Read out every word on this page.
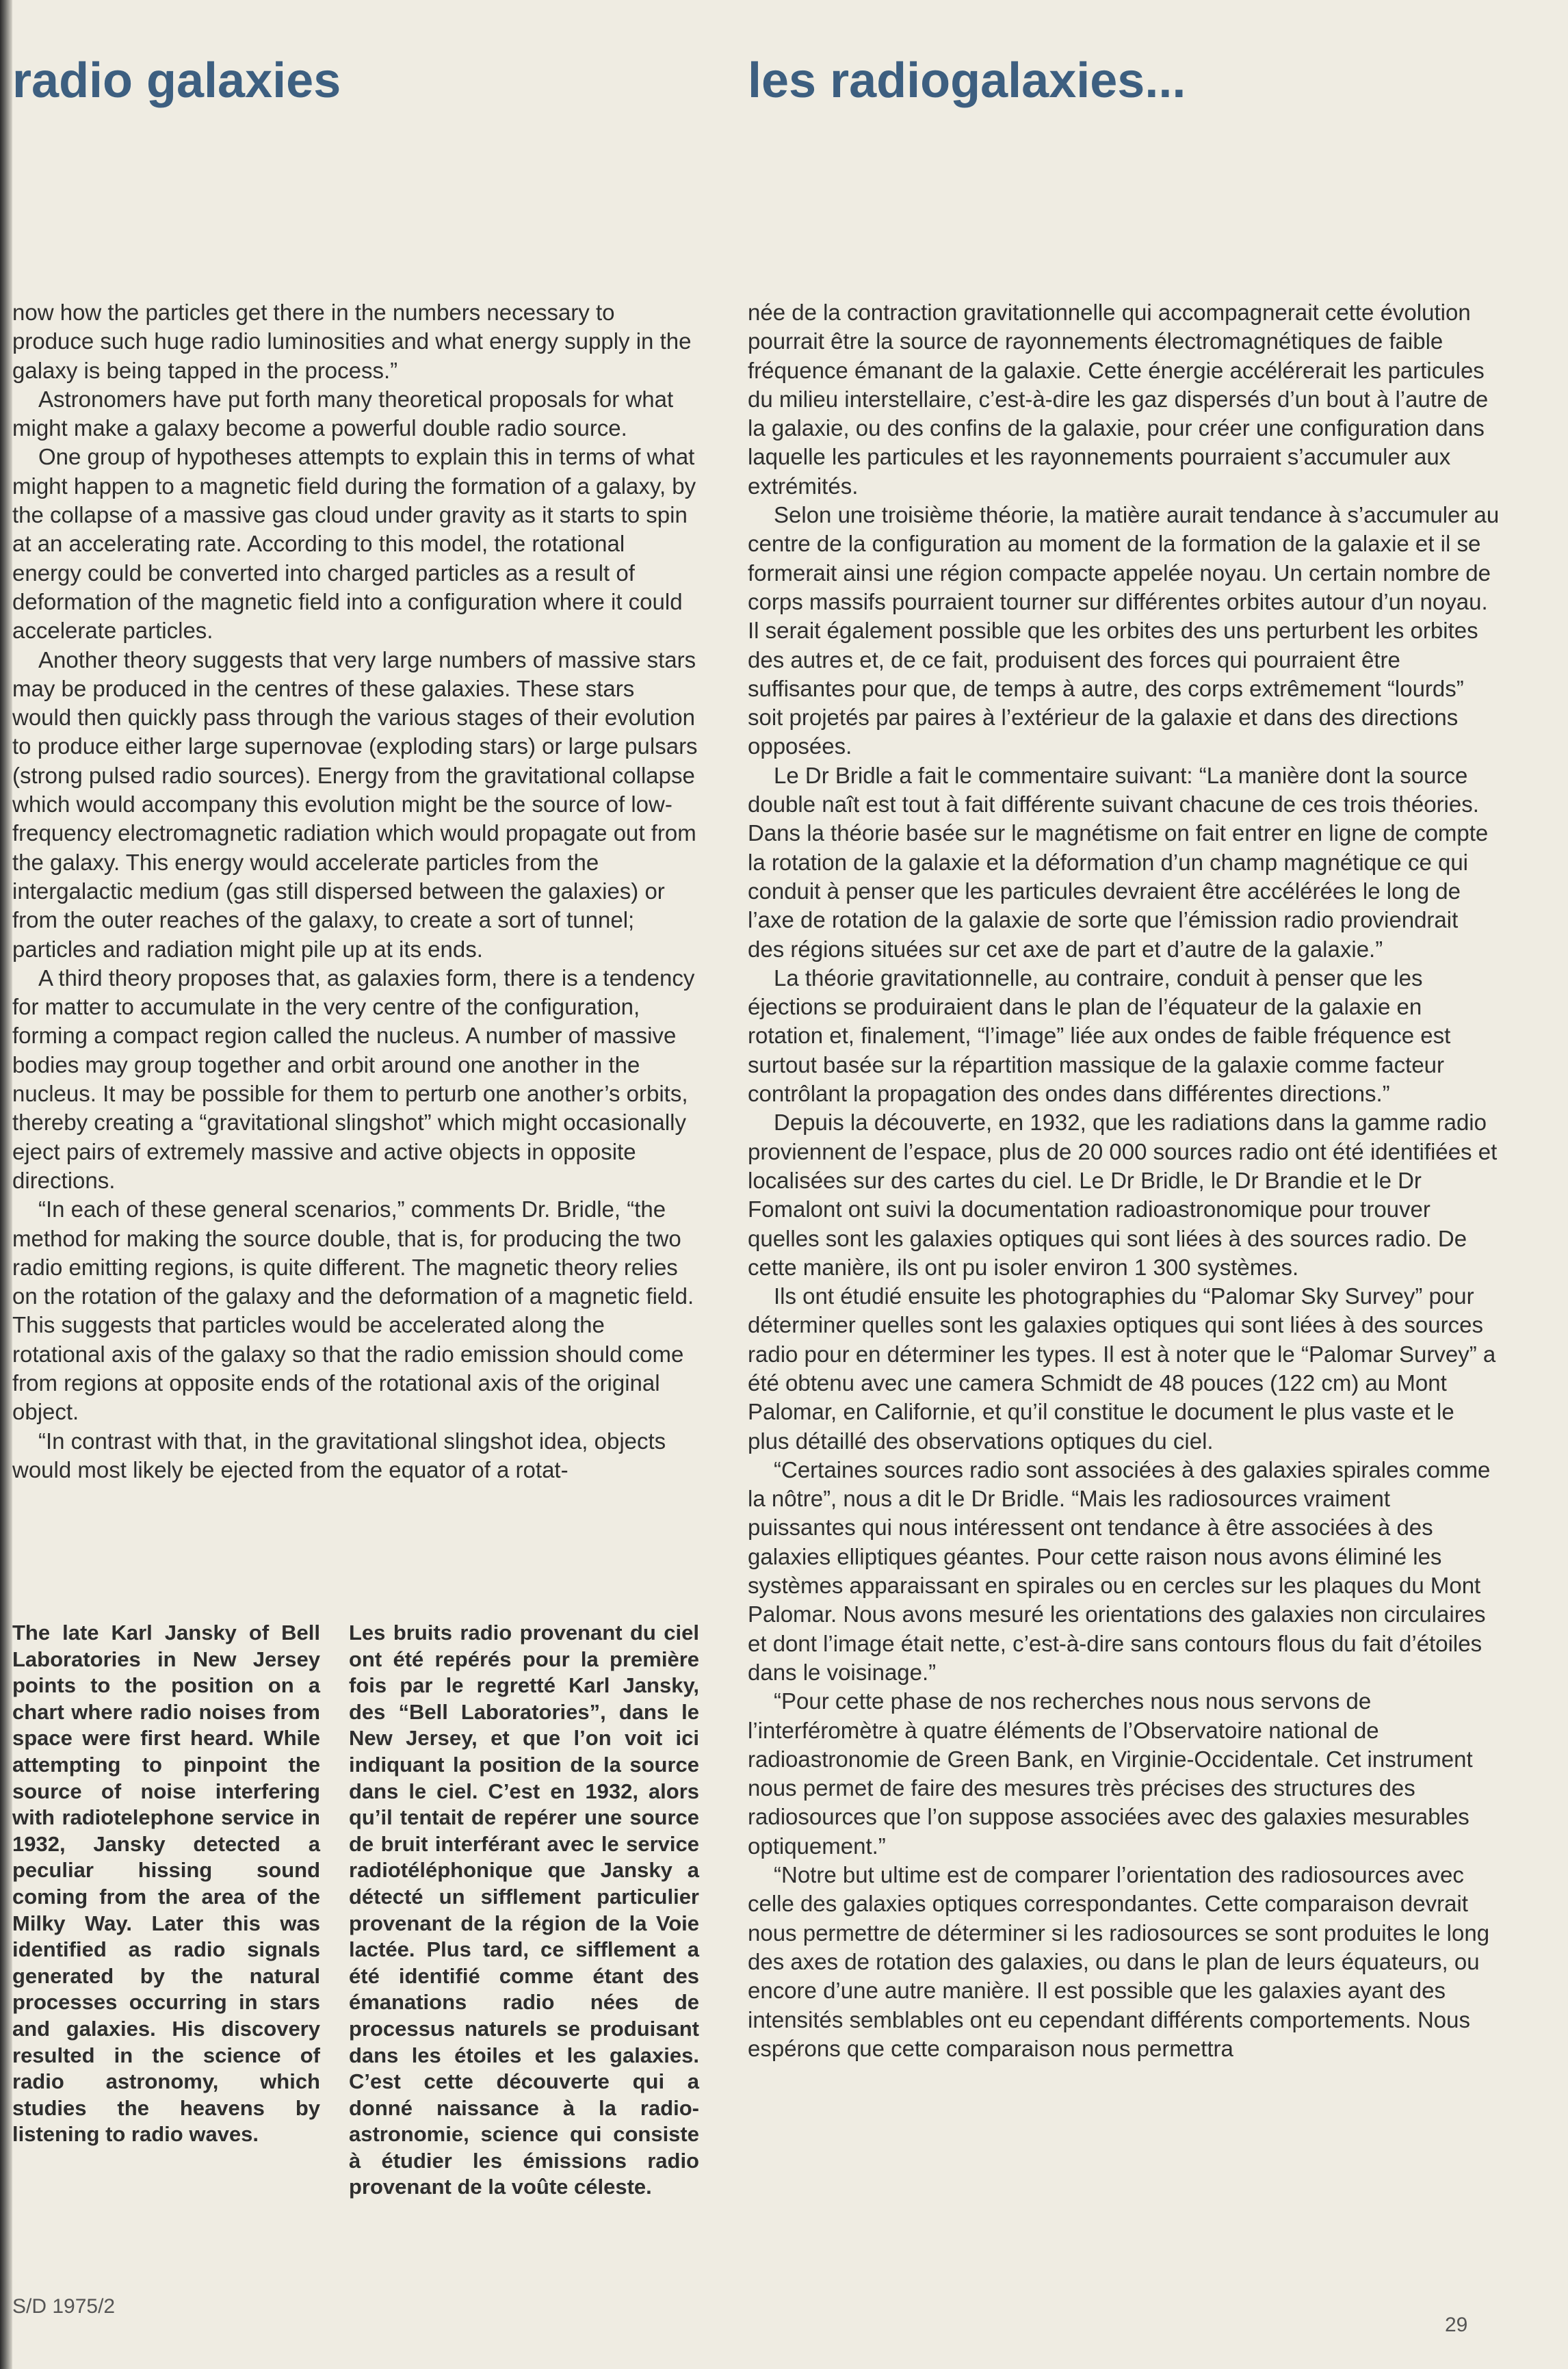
radio galaxies	les radiogalaxies...

now how the particles get there in the numbers necessary to produce such huge radio luminosities and what energy supply in the galaxy is being tapped in the process.”

Astronomers have put forth many theoretical proposals for what might make a galaxy become a powerful double radio source.

One group of hypotheses attempts to explain this in terms of what might happen to a magnetic field during the formation of a galaxy, by the collapse of a massive gas cloud under gravity as it starts to spin at an accelerating rate. According to this model, the rotational energy could be converted into charged particles as a result of deformation of the magnetic field into a configuration where it could accelerate particles.

Another theory suggests that very large numbers of massive stars may be produced in the centres of these galaxies. These stars would then quickly pass through the various stages of their evolution to produce either large supernovae (exploding stars) or large pulsars (strong pulsed radio sources). Energy from the gravitational collapse which would accompany this evolution might be the source of low-frequency electromagnetic radiation which would propagate out from the galaxy. This energy would accelerate particles from the intergalactic medium (gas still dispersed between the galaxies) or from the outer reaches of the galaxy, to create a sort of tunnel; particles and radiation might pile up at its ends.

A third theory proposes that, as galaxies form, there is a tendency for matter to accumulate in the very centre of the configuration, forming a compact region called the nucleus. A number of massive bodies may group together and orbit around one another in the nucleus. It may be possible for them to perturb one another’s orbits, thereby creating a “gravitational slingshot” which might occasionally eject pairs of extremely massive and active objects in opposite directions.

“In each of these general scenarios,” comments Dr. Bridle, “the method for making the source double, that is, for producing the two radio emitting regions, is quite different. The magnetic theory relies on the rotation of the galaxy and the deformation of a magnetic field. This suggests that particles would be accelerated along the rotational axis of the galaxy so that the radio emission should come from regions at opposite ends of the rotational axis of the original object.

“In contrast with that, in the gravitational slingshot idea, objects would most likely be ejected from the equator of a rotat-

née de la contraction gravitationnelle qui accompagnerait cette évolution pourrait être la source de rayonnements électromagnétiques de faible fréquence émanant de la galaxie. Cette énergie accélérerait les particules du milieu interstellaire, c’est-à-dire les gaz dispersés d’un bout à l’autre de la galaxie, ou des confins de la galaxie, pour créer une configuration dans laquelle les particules et les rayonnements pourraient s’accumuler aux extrémités.

Selon une troisième théorie, la matière aurait tendance à s’accumuler au centre de la configuration au moment de la formation de la galaxie et il se formerait ainsi une région compacte appelée noyau. Un certain nombre de corps massifs pourraient tourner sur différentes orbites autour d’un noyau. Il serait également possible que les orbites des uns perturbent les orbites des autres et, de ce fait, produisent des forces qui pourraient être suffisantes pour que, de temps à autre, des corps extrêmement “lourds” soit projetés par paires à l’extérieur de la galaxie et dans des directions opposées.

Le Dr Bridle a fait le commentaire suivant: “La manière dont la source double naît est tout à fait différente suivant chacune de ces trois théories. Dans la théorie basée sur le magnétisme on fait entrer en ligne de compte la rotation de la galaxie et la déformation d’un champ magnétique ce qui conduit à penser que les particules devraient être accélérées le long de l’axe de rotation de la galaxie de sorte que l’émission radio proviendrait des régions situées sur cet axe de part et d’autre de la galaxie.”

La théorie gravitationnelle, au contraire, conduit à penser que les éjections se produiraient dans le plan de l’équateur de la galaxie en rotation et, finalement, “l’image” liée aux ondes de faible fréquence est surtout basée sur la répartition massique de la galaxie comme facteur contrôlant la propagation des ondes dans différentes directions.”

Depuis la découverte, en 1932, que les radiations dans la gamme radio proviennent de l’espace, plus de 20 000 sources radio ont été identifiées et localisées sur des cartes du ciel. Le Dr Bridle, le Dr Brandie et le Dr Fomalont ont suivi la documentation radioastronomique pour trouver quelles sont les galaxies optiques qui sont liées à des sources radio. De cette manière, ils ont pu isoler environ 1 300 systèmes.

Ils ont étudié ensuite les photographies du “Palomar Sky Survey” pour déterminer quelles sont les galaxies optiques qui sont liées à des sources radio pour en déterminer les types. Il est à noter que le “Palomar Survey” a été obtenu avec une camera Schmidt de 48 pouces (122 cm) au Mont Palomar, en Californie, et qu’il constitue le document le plus vaste et le plus détaillé des observations optiques du ciel.

“Certaines sources radio sont associées à des galaxies spirales comme la nôtre”, nous a dit le Dr Bridle. “Mais les radiosources vraiment puissantes qui nous intéressent ont tendance à être associées à des galaxies elliptiques géantes. Pour cette raison nous avons éliminé les systèmes apparaissant en spirales ou en cercles sur les plaques du Mont Palomar. Nous avons mesuré les orientations des galaxies non circulaires et dont l’image était nette, c’est-à-dire sans contours flous du fait d’étoiles dans le voisinage.”

“Pour cette phase de nos recherches nous nous servons de l’interféromètre à quatre éléments de l’Observatoire national de radioastronomie de Green Bank, en Virginie-Occidentale. Cet instrument nous permet de faire des mesures très précises des structures des radiosources que l’on suppose associées avec des galaxies mesurables optiquement.”

“Notre but ultime est de comparer l’orientation des radiosources avec celle des galaxies optiques correspondantes. Cette comparaison devrait nous permettre de déterminer si les radiosources se sont produites le long des axes de rotation des galaxies, ou dans le plan de leurs équateurs, ou encore d’une autre manière. Il est possible que les galaxies ayant des intensités semblables ont eu cependant différents comportements. Nous espérons que cette comparaison nous permettra

The late Karl Jansky of Bell Laboratories in New Jersey points to the position on a chart where radio noises from space were first heard. While attempting to pinpoint the source of noise interfering with radiotelephone service in 1932, Jansky detected a peculiar hissing sound coming from the area of the Milky Way. Later this was identified as radio signals generated by the natural processes occurring in stars and galaxies. His discovery resulted in the science of radio astronomy, which studies the heavens by listening to radio waves.
Les bruits radio provenant du ciel ont été repérés pour la première fois par le regretté Karl Jansky, des “Bell Laboratories”, dans le New Jersey, et que l’on voit ici indiquant la position de la source dans le ciel. C’est en 1932, alors qu’il tentait de repérer une source de bruit interférant avec le service radiotéléphonique que Jansky a détecté un sifflement particulier provenant de la région de la Voie lactée. Plus tard, ce sifflement a été identifié comme étant des émanations radio nées de processus naturels se produisant dans les étoiles et les galaxies. C’est cette découverte qui a donné naissance à la radio-astronomie, science qui consiste à étudier les émissions radio provenant de la voûte céleste.
S/D 1975/2
29
